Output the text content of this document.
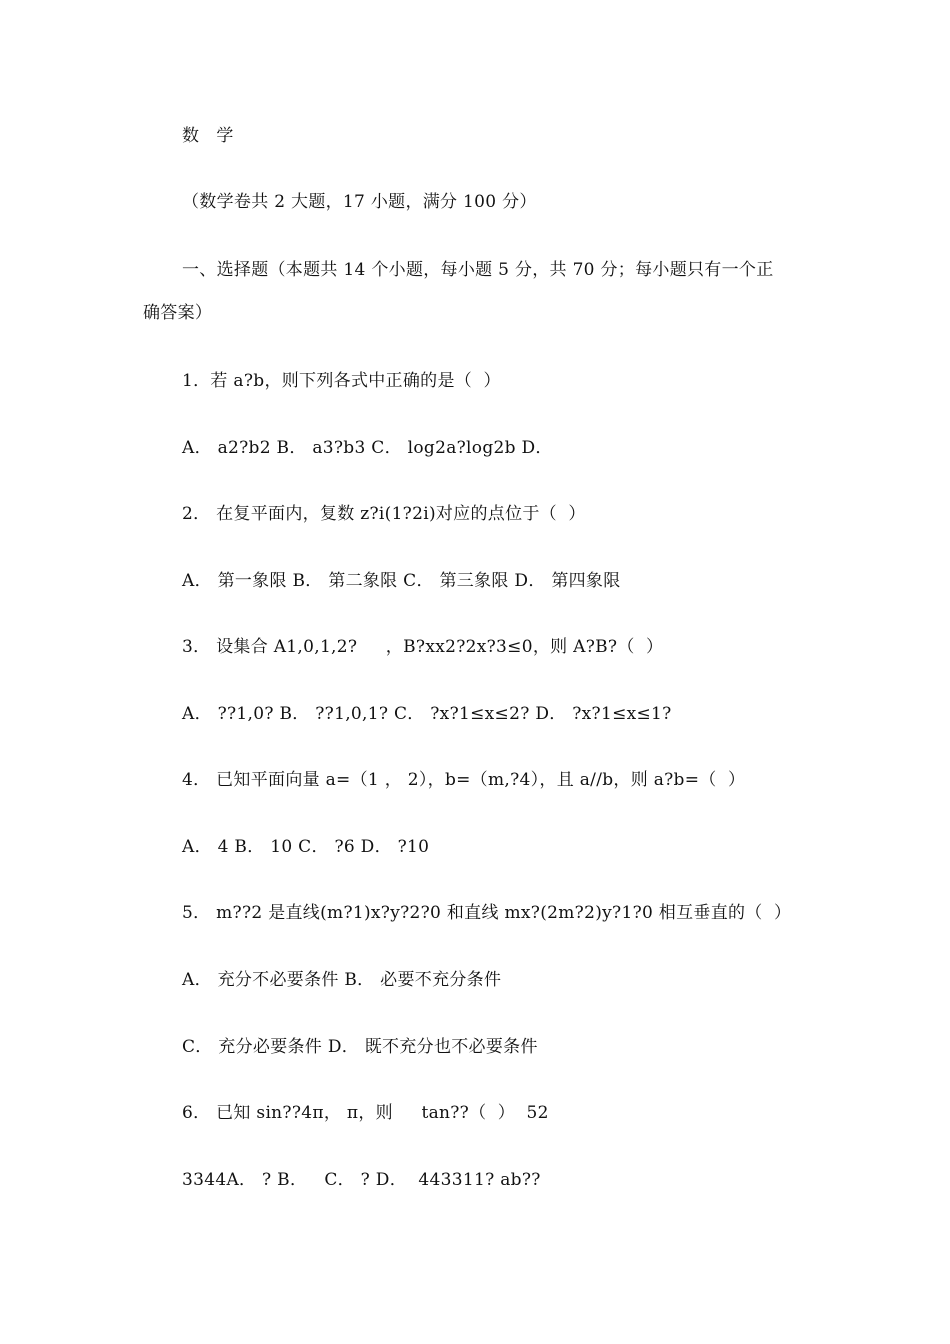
数 学
（数学卷共 2 大题，17 小题，满分 100 分）
一、选择题（本题共 14 个小题，每小题 5 分，共 70 分；每小题只有一个正
确答案）
1．若 a?b，则下列各式中正确的是（  ）
A． a2?b2 B． a3?b3 C． log2a?log2b D．
2． 在复平面内，复数 z?i(1?2i)对应的点位于（  ）
A． 第一象限 B． 第二象限 C． 第三象限 D． 第四象限
3． 设集合 A1,0,1,2?     ，B?xx2?2x?3≤0，则 A?B?（  ）
A． ??1,0? B． ??1,0,1? C． ?x?1≤x≤2? D． ?x?1≤x≤1?
4． 已知平面向量 a=（1 ， 2），b=（m,?4），且 a//b，则 a?b=（  ）
A． 4 B． 10 C． ?6 D． ?10
5． m??2 是直线(m?1)x?y?2?0 和直线 mx?(2m?2)y?1?0 相互垂直的（  ）
A． 充分不必要条件 B． 必要不充分条件
C． 充分必要条件 D． 既不充分也不必要条件
6． 已知 sin??4π， π，则     tan??（  ）  52
3344A． ? B．   C． ? D．  443311? ab??
